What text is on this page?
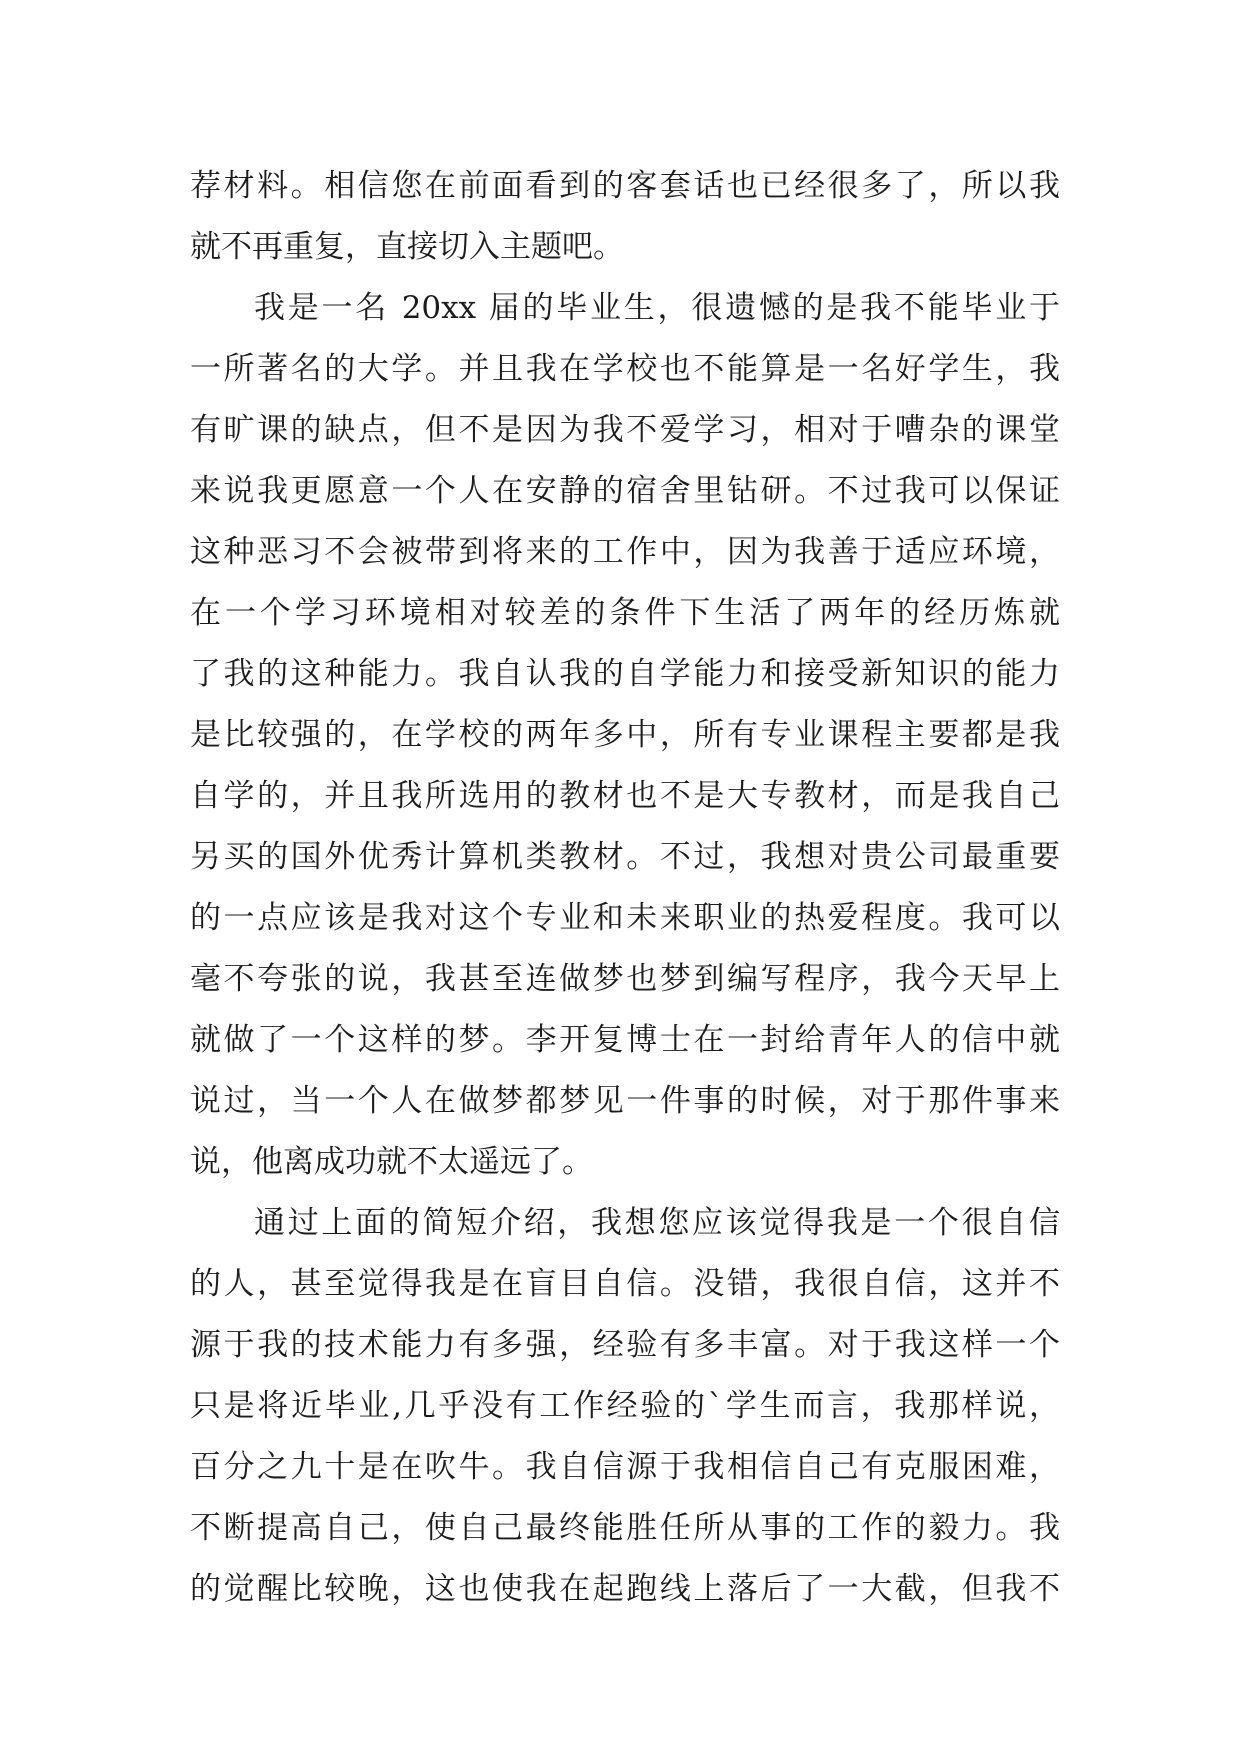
荐材料。相信您在前面看到的客套话也已经很多了，所以我
就不再重复，直接切入主题吧。
我是一名 20xx 届的毕业生，很遗憾的是我不能毕业于
一所著名的大学。并且我在学校也不能算是一名好学生，我
有旷课的缺点，但不是因为我不爱学习，相对于嘈杂的课堂
来说我更愿意一个人在安静的宿舍里钻研。不过我可以保证
这种恶习不会被带到将来的工作中，因为我善于适应环境，
在一个学习环境相对较差的条件下生活了两年的经历炼就
了我的这种能力。我自认我的自学能力和接受新知识的能力
是比较强的，在学校的两年多中，所有专业课程主要都是我
自学的，并且我所选用的教材也不是大专教材，而是我自己
另买的国外优秀计算机类教材。不过，我想对贵公司最重要
的一点应该是我对这个专业和未来职业的热爱程度。我可以
毫不夸张的说，我甚至连做梦也梦到编写程序，我今天早上
就做了一个这样的梦。李开复博士在一封给青年人的信中就
说过，当一个人在做梦都梦见一件事的时候，对于那件事来
说，他离成功就不太遥远了。
通过上面的简短介绍，我想您应该觉得我是一个很自信
的人，甚至觉得我是在盲目自信。没错，我很自信，这并不
源于我的技术能力有多强，经验有多丰富。对于我这样一个
只是将近毕业,几乎没有工作经验的`学生而言，我那样说，
百分之九十是在吹牛。我自信源于我相信自己有克服困难，
不断提高自己，使自己最终能胜任所从事的工作的毅力。我
的觉醒比较晚，这也使我在起跑线上落后了一大截，但我不
